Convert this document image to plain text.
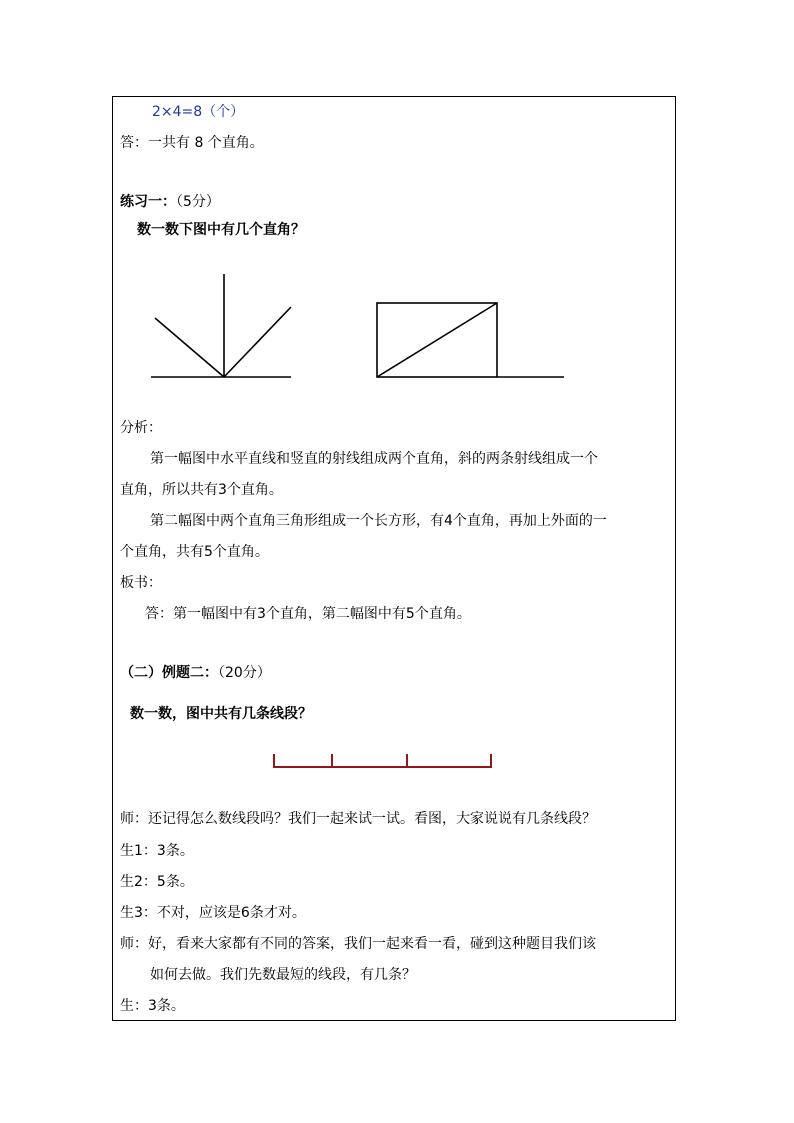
2×4=8（个）
答：一共有 8 个直角。
练习一：（5分）
数一数下图中有几个直角？
分析：
第一幅图中水平直线和竖直的射线组成两个直角，斜的两条射线组成一个
直角，所以共有3个直角。
第二幅图中两个直角三角形组成一个长方形，有4个直角，再加上外面的一
个直角，共有5个直角。
板书：
答：第一幅图中有3个直角，第二幅图中有5个直角。
（二）例题二：（20分）
数一数，图中共有几条线段？
师：还记得怎么数线段吗？我们一起来试一试。看图，大家说说有几条线段？
生1：3条。
生2：5条。
生3：不对，应该是6条才对。
师：好，看来大家都有不同的答案，我们一起来看一看，碰到这种题目我们该
如何去做。我们先数最短的线段，有几条？
生：3条。
